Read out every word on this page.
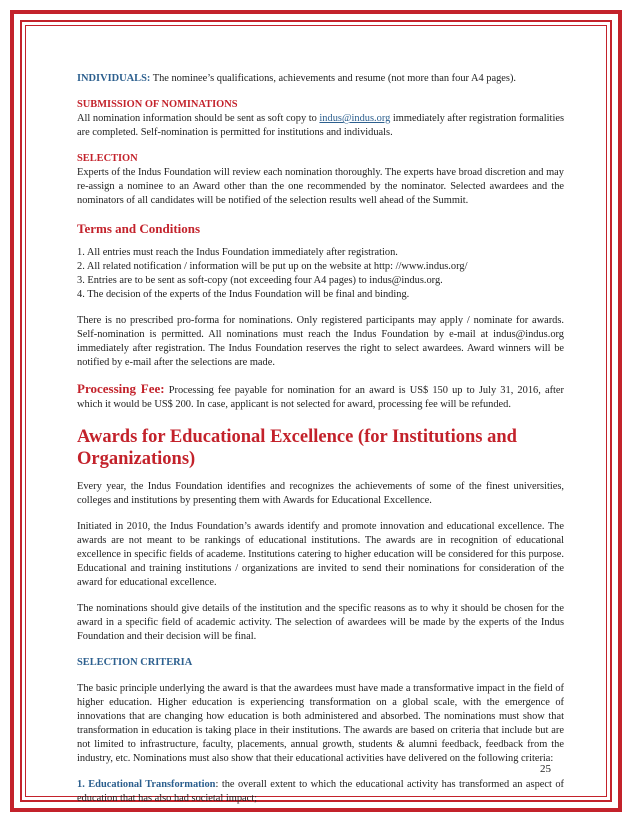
INDIVIDUALS: The nominee’s qualifications, achievements and resume (not more than four A4 pages).

SUBMISSION OF NOMINATIONS
All nomination information should be sent as soft copy to indus@indus.org immediately after registration formalities are completed. Self-nomination is permitted for institutions and individuals.

SELECTION
Experts of the Indus Foundation will review each nomination thoroughly. The experts have broad discretion and may re-assign a nominee to an Award other than the one recommended by the nominator. Selected awardees and the nominators of all candidates will be notified of the selection results well ahead of the Summit.

Terms and Conditions

1. All entries must reach the Indus Foundation immediately after registration.
2. All related notification / information will be put up on the website at http: //www.indus.org/
3. Entries are to be sent as soft-copy (not exceeding four A4 pages) to indus@indus.org.
4. The decision of the experts of the Indus Foundation will be final and binding.

There is no prescribed pro-forma for nominations. Only registered participants may apply / nominate for awards. Self-nomination is permitted. All nominations must reach the Indus Foundation by e-mail at indus@indus.org immediately after registration. The Indus Foundation reserves the right to select awardees. Award winners will be notified by e-mail after the selections are made.

Processing Fee: Processing fee payable for nomination for an award is US$ 150 up to July 31, 2016, after which it would be US$ 200. In case, applicant is not selected for award, processing fee will be refunded.

Awards for Educational Excellence (for Institutions and Organizations)

Every year, the Indus Foundation identifies and recognizes the achievements of some of the finest universities, colleges and institutions by presenting them with Awards for Educational Excellence.

Initiated in 2010, the Indus Foundation’s awards identify and promote innovation and educational excellence. The awards are not meant to be rankings of educational institutions. The awards are in recognition of educational excellence in specific fields of academe. Institutions catering to higher education will be considered for this purpose. Educational and training institutions / organizations are invited to send their nominations for consideration of the award for educational excellence.

The nominations should give details of the institution and the specific reasons as to why it should be chosen for the award in a specific field of academic activity. The selection of awardees will be made by the experts of the Indus Foundation and their decision will be final.

SELECTION CRITERIA

The basic principle underlying the award is that the awardees must have made a transformative impact in the field of higher education. Higher education is experiencing transformation on a global scale, with the emergence of innovations that are changing how education is both administered and absorbed. The nominations must show that transformation in education is taking place in their institutions. The awards are based on criteria that include but are not limited to infrastructure, faculty, placements, annual growth, students & alumni feedback, feedback from the industry, etc. Nominations must also show that their educational activities have delivered on the following criteria:

1. Educational Transformation: the overall extent to which the educational activity has transformed an aspect of education that has also had societal impact;

25
